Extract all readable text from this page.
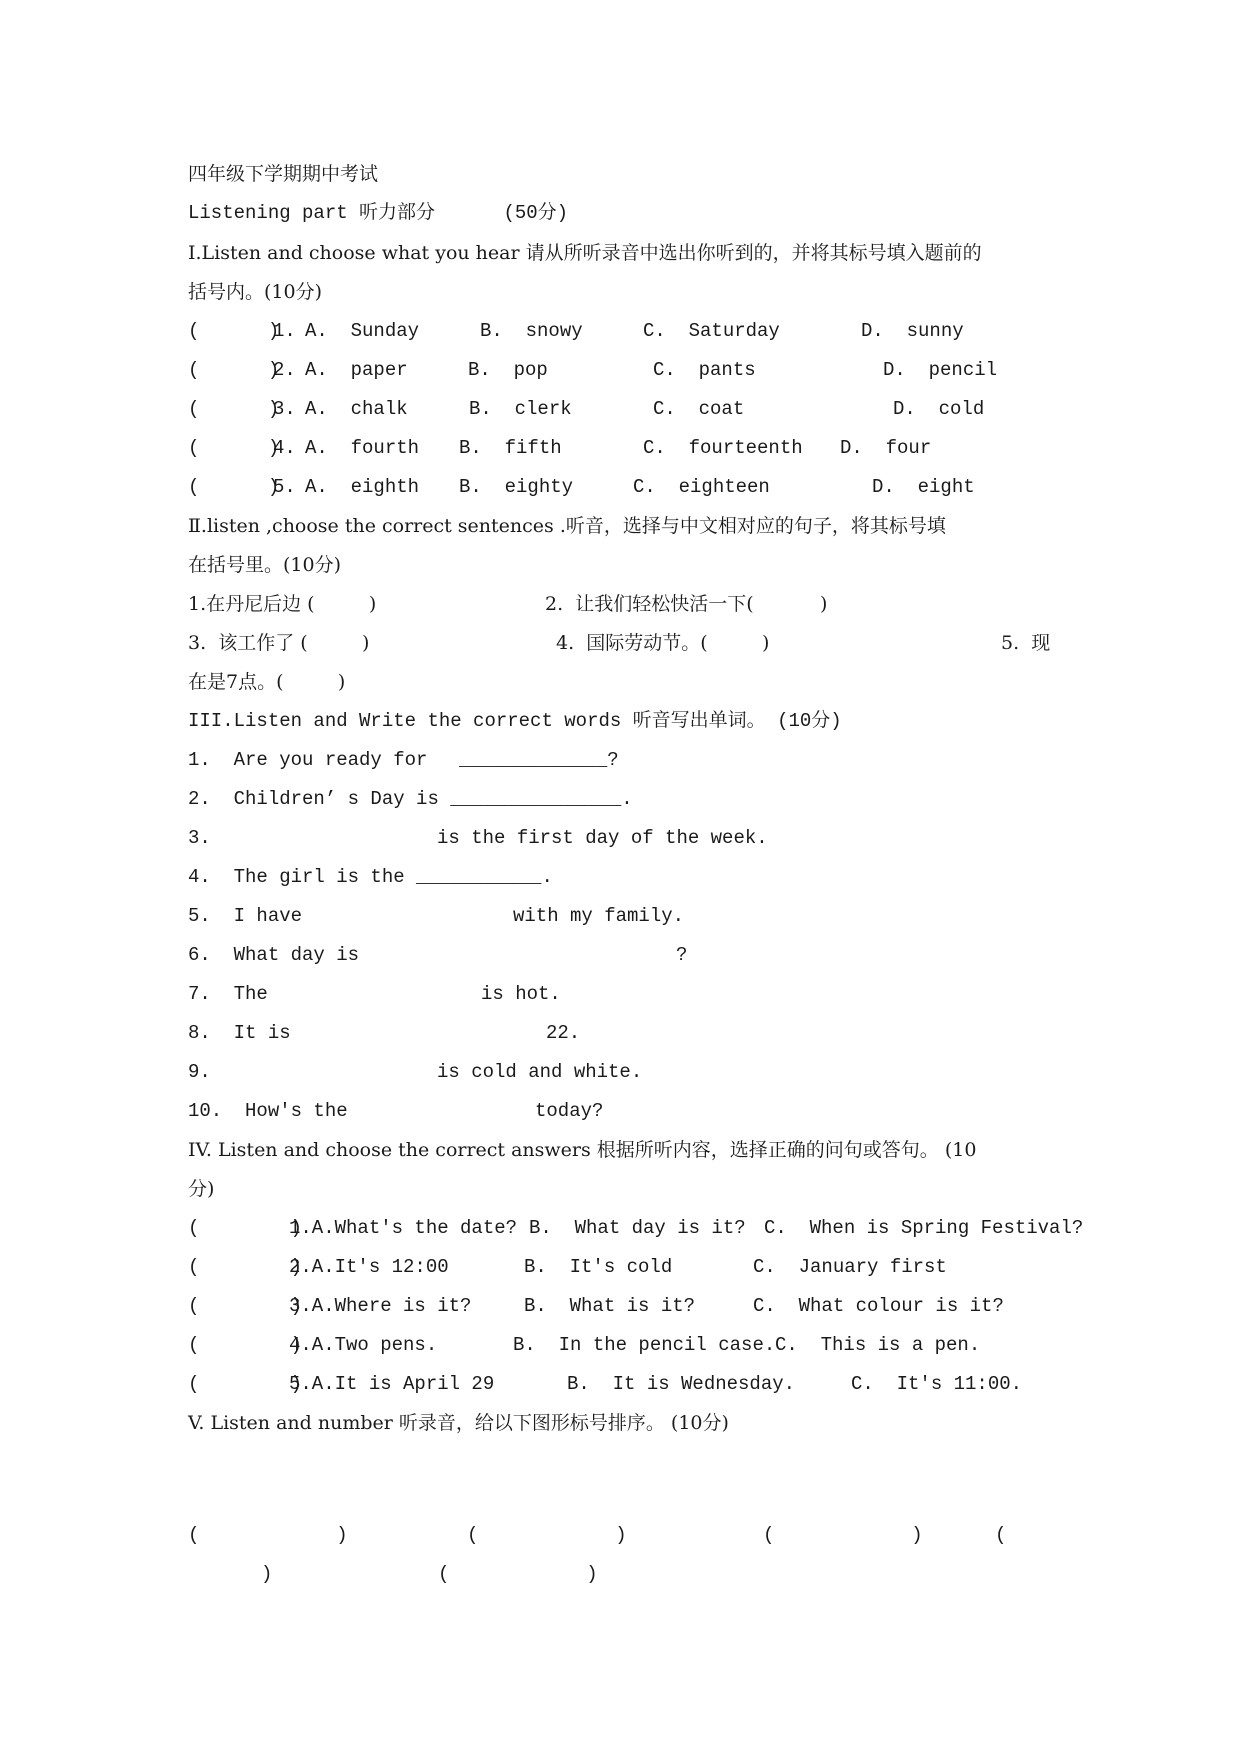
四年级下学期期中考试
Listening part 听力部分      (50分)
Ⅰ.Listen and choose what you hear 请从所听录音中选出你听到的，并将其标号填入题前的
括号内。(10分)
(      )
1. A.  Sunday	B.  snowy	C.  Saturday	D.  sunny
(      )
2. A.  paper	B.  pop	C.  pants	D.  pencil
(      )
3. A.  chalk	B.  clerk	C.  coat	D.  cold
(      )
4. A.  fourth B.  fifth	C.  fourteenth D.  four
(      )
5. A.  eighth B.  eighty	C.  eighteen	D.  eight
Ⅱ.listen ,choose the correct sentences .听音，选择与中文相对应的句子，将其标号填
在括号里。(10分)
1.在丹尼后边 (         )	2.  让我们轻松快活一下(           )
3.  该工作了 (         )	4.  国际劳动节。(         )	5.  现
在是7点。(         )
III.Listen and Write the correct words 听音写出单词。 (10分)
1.  Are you ready for _____________?
2.  Children’ s Day is _______________.
3.	is the first day of the week.
4.  The girl is the ___________.
5.  I have	with my family.
6.  What day is	?
7.  The	is hot.
8.  It is	22.
9.	is cold and white.
10.  How's the	today?
IV. Listen and choose the correct answers 根据所听内容，选择正确的问句或答句。 (10
分)
(        )
1.A.What's the date? B.  What day is it? C.  When is Spring Festival?
(        )
2.A.It's 12:00	B.  It's cold	C.  January first
(        )
3.A.Where is it?	B.  What is it?	C.  What colour is it?
(        )
4.A.Two pens.	B.  In the pencil case. C.  This is a pen.
(        )
5.A.It is April 29	B.  It is Wednesday.	C.  It's 11:00.
V. Listen and number 听录音，给以下图形标号排序。 (10分)
(            )	(            )	(            )	(
)	(            )
